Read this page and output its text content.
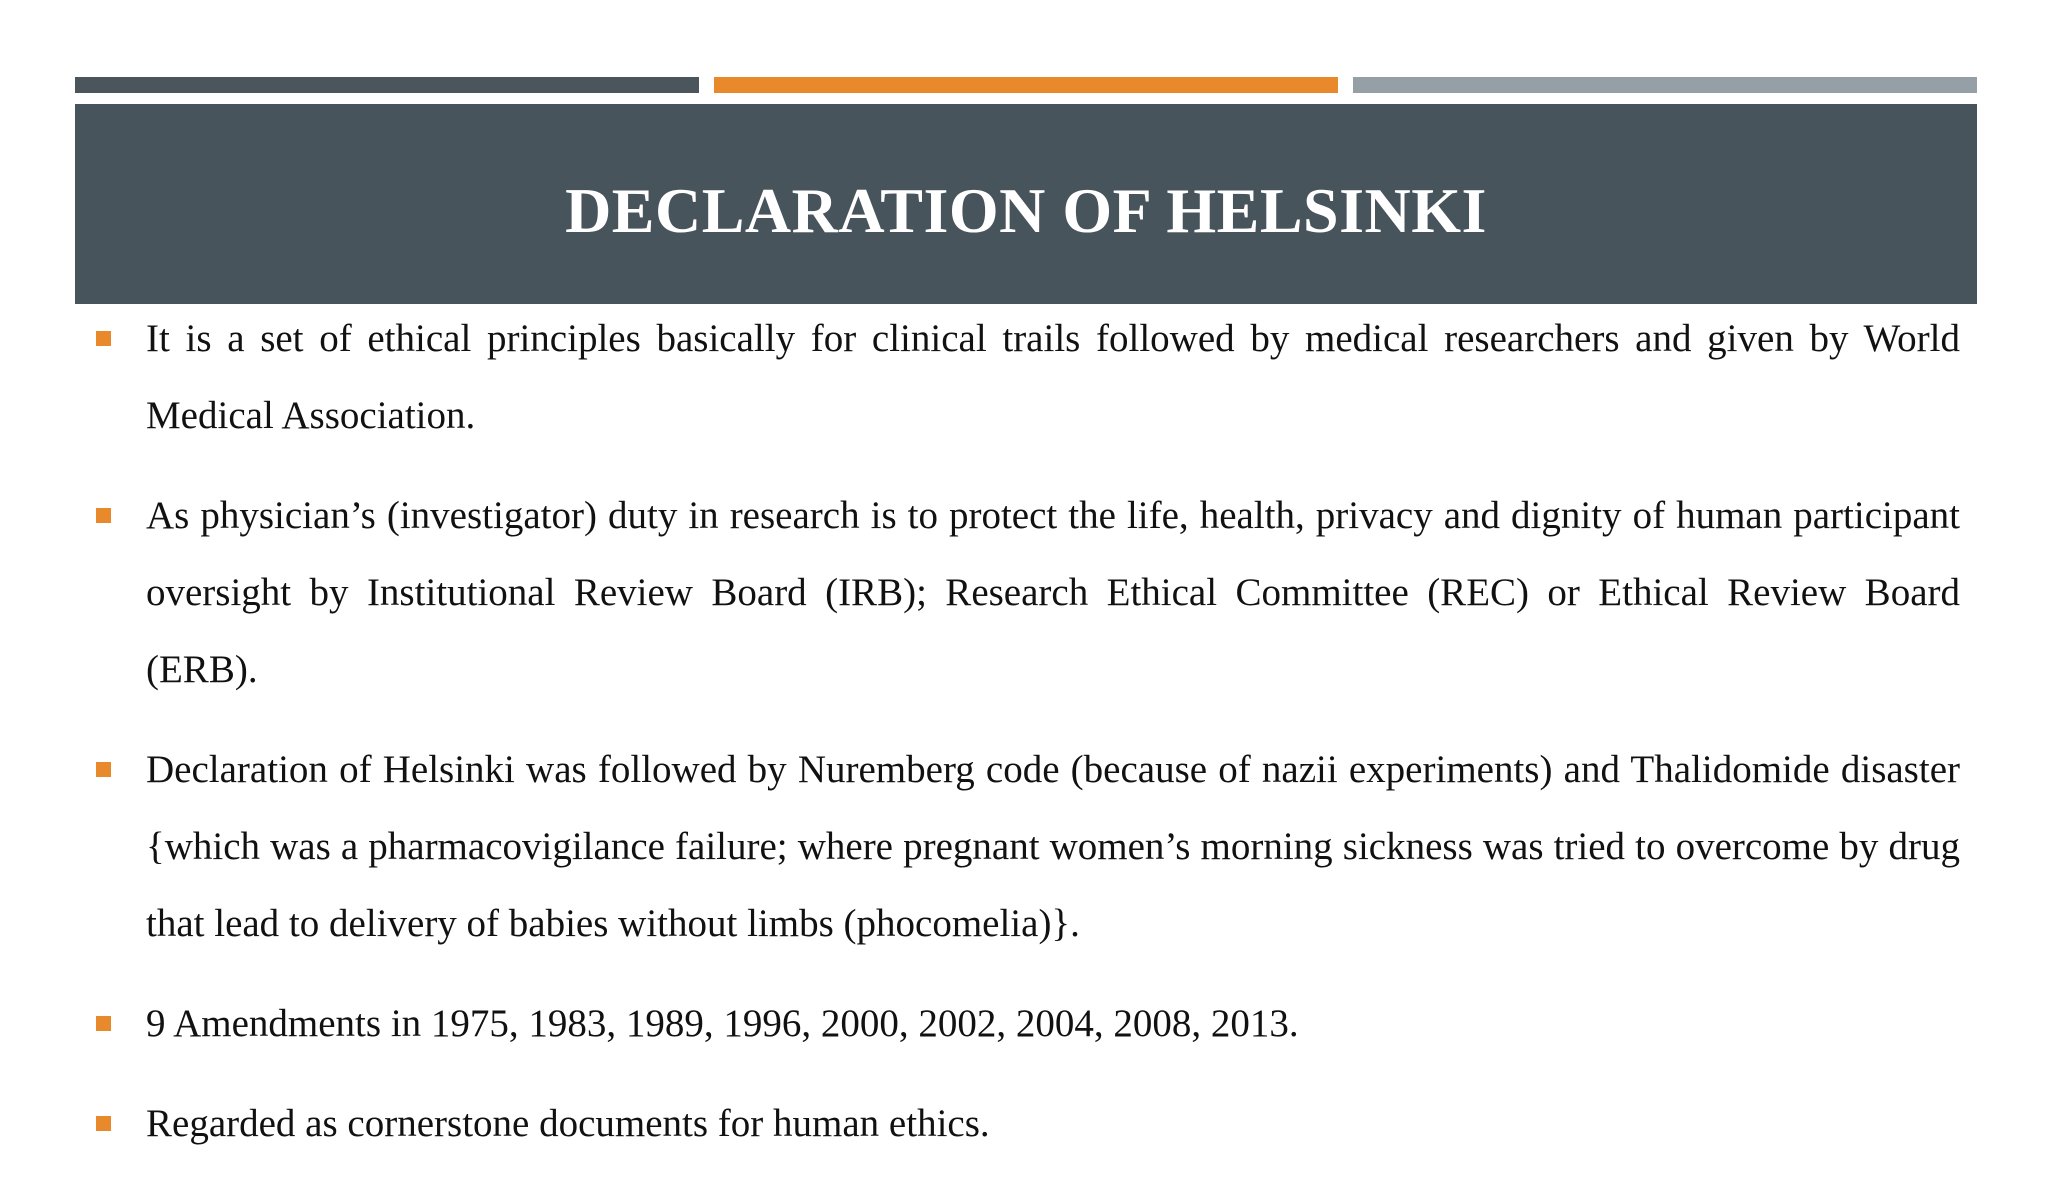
DECLARATION OF HELSINKI
It is a set of ethical principles basically for clinical trails followed by medical researchers and given by World Medical Association.
As physician’s (investigator) duty in research is to protect the life, health, privacy and dignity of human participant oversight by Institutional Review Board (IRB); Research Ethical Committee (REC) or Ethical Review Board (ERB).
Declaration of Helsinki was followed by Nuremberg code (because of nazii experiments) and Thalidomide disaster {which was a pharmacovigilance failure; where pregnant women’s morning sickness was tried to overcome by drug that lead to delivery of babies without limbs (phocomelia)}.
9 Amendments in 1975, 1983, 1989, 1996, 2000, 2002, 2004, 2008, 2013.
Regarded as cornerstone documents for human ethics.
